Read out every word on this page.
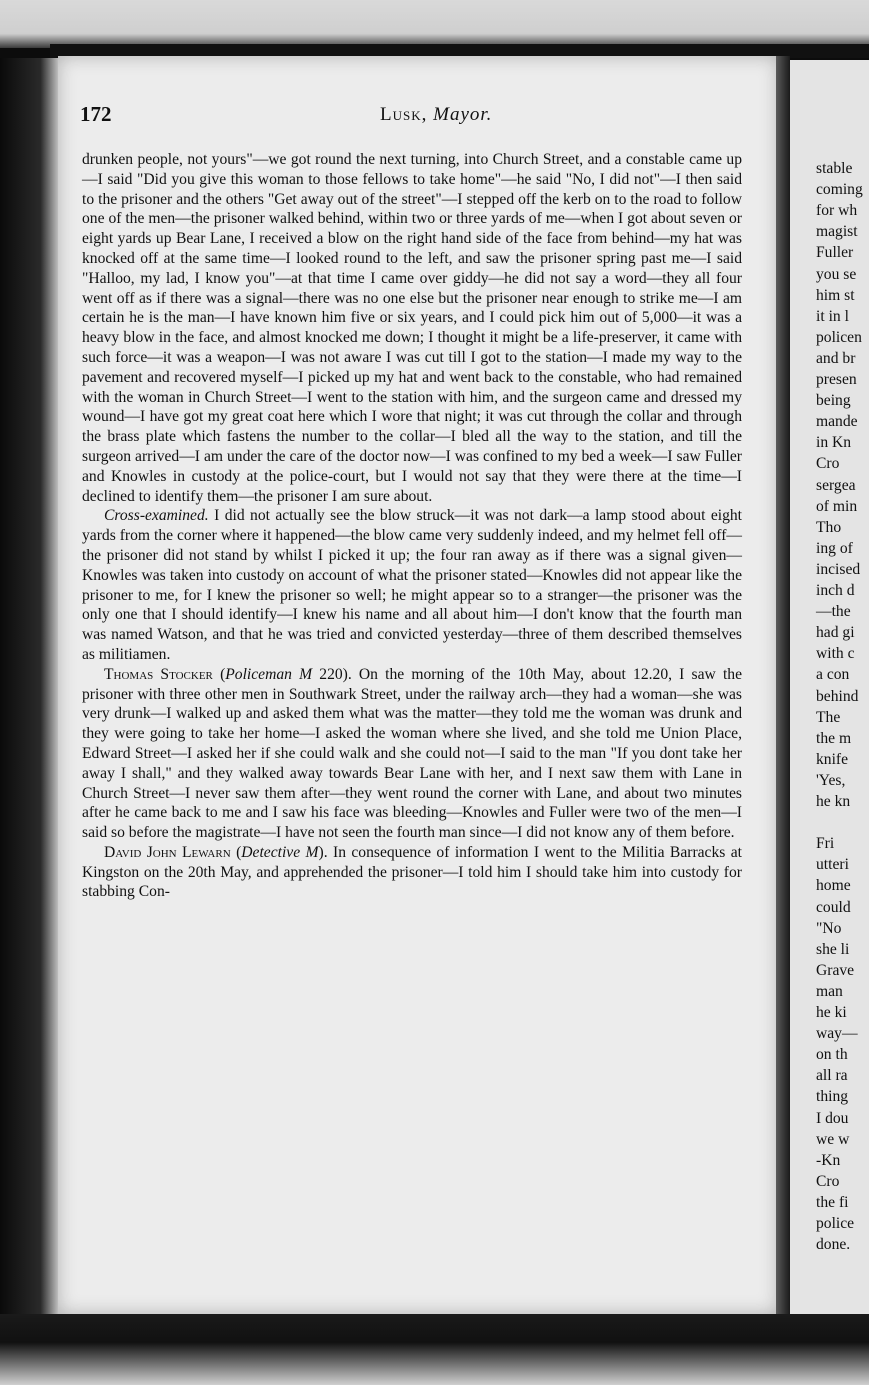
stable
coming
for wh
magist
Fuller
you se
him st
it in l
policen
and br
presen
being
mande
in Kn
Cro
sergea
of min
Tho
ing of
incised
inch d
—the
had gi
with c
a con
behind
The
the m
knife
'Yes,
he kn
Fri
utteri
home
could
"No
she li
Grave
man
he ki
way—
on th
all ra
thing
I dou
we w
-Kn
Cro
the fi
police
done.
172	Lusk, Mayor.

drunken people, not yours"—we got round the next turning, into Church Street, and a constable came up—I said "Did you give this woman to those fellows to take home"—he said "No, I did not"—I then said to the prisoner and the others "Get away out of the street"—I stepped off the kerb on to the road to follow one of the men—the prisoner walked behind, within two or three yards of me—when I got about seven or eight yards up Bear Lane, I received a blow on the right hand side of the face from behind—my hat was knocked off at the same time—I looked round to the left, and saw the prisoner spring past me—I said "Halloo, my lad, I know you"—at that time I came over giddy—he did not say a word—they all four went off as if there was a signal—there was no one else but the prisoner near enough to strike me—I am certain he is the man—I have known him five or six years, and I could pick him out of 5,000—it was a heavy blow in the face, and almost knocked me down; I thought it might be a life-preserver, it came with such force—it was a weapon—I was not aware I was cut till I got to the station—I made my way to the pavement and recovered myself—I picked up my hat and went back to the constable, who had remained with the woman in Church Street—I went to the station with him, and the surgeon came and dressed my wound—I have got my great coat here which I wore that night; it was cut through the collar and through the brass plate which fastens the number to the collar—I bled all the way to the station, and till the surgeon arrived—I am under the care of the doctor now—I was confined to my bed a week—I saw Fuller and Knowles in custody at the police-court, but I would not say that they were there at the time—I declined to identify them—the prisoner I am sure about.

Cross-examined. I did not actually see the blow struck—it was not dark—a lamp stood about eight yards from the corner where it happened—the blow came very suddenly indeed, and my helmet fell off—the prisoner did not stand by whilst I picked it up; the four ran away as if there was a signal given—Knowles was taken into custody on account of what the prisoner stated—Knowles did not appear like the prisoner to me, for I knew the prisoner so well; he might appear so to a stranger—the prisoner was the only one that I should identify—I knew his name and all about him—I don't know that the fourth man was named Watson, and that he was tried and convicted yesterday—three of them described themselves as militiamen.

Thomas Stocker (Policeman M 220). On the morning of the 10th May, about 12.20, I saw the prisoner with three other men in Southwark Street, under the railway arch—they had a woman—she was very drunk—I walked up and asked them what was the matter—they told me the woman was drunk and they were going to take her home—I asked the woman where she lived, and she told me Union Place, Edward Street—I asked her if she could walk and she could not—I said to the man "If you dont take her away I shall," and they walked away towards Bear Lane with her, and I next saw them with Lane in Church Street—I never saw them after—they went round the corner with Lane, and about two minutes after he came back to me and I saw his face was bleeding—Knowles and Fuller were two of the men—I said so before the magistrate—I have not seen the fourth man since—I did not know any of them before.

David John Lewarn (Detective M). In consequence of information I went to the Militia Barracks at Kingston on the 20th May, and apprehended the prisoner—I told him I should take him into custody for stabbing Con-
